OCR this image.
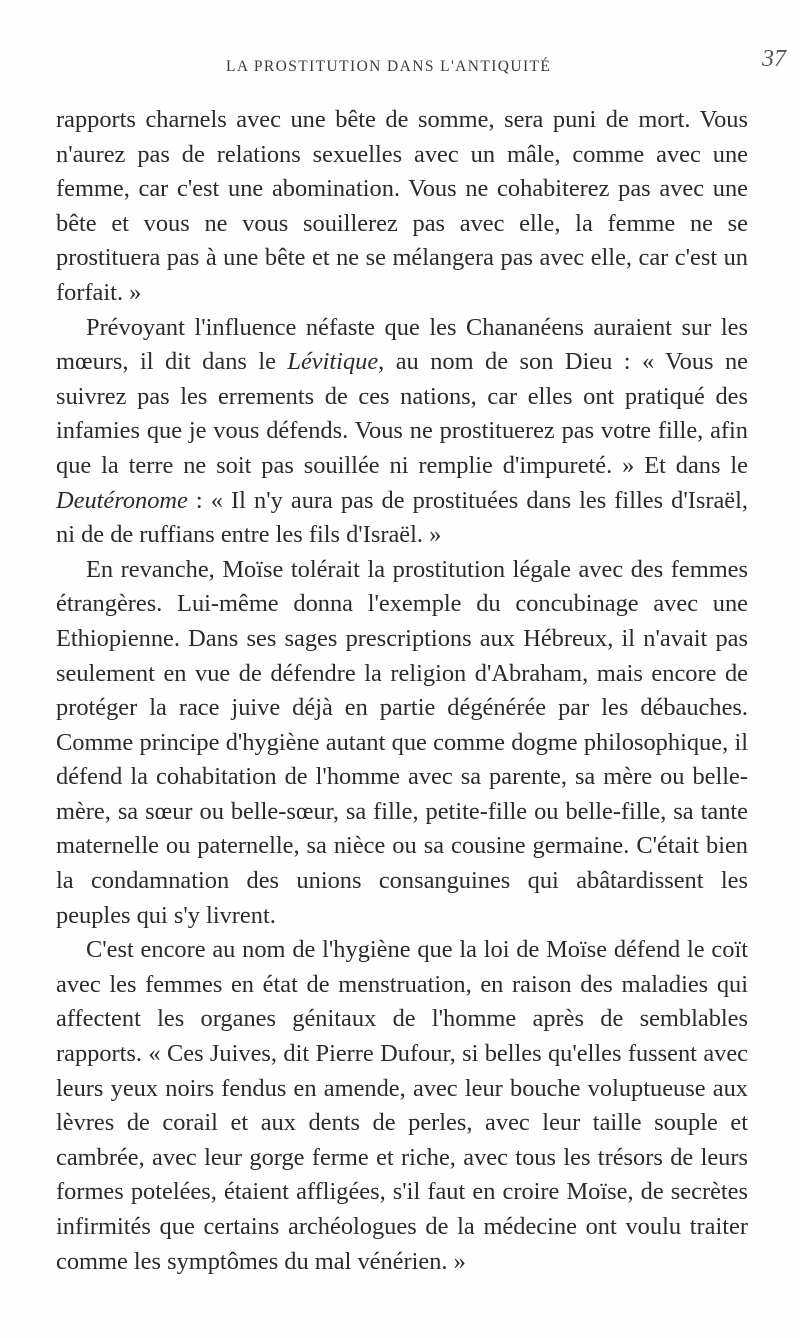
LA PROSTITUTION DANS L'ANTIQUITÉ	37

rapports charnels avec une bête de somme, sera puni de mort. Vous n'aurez pas de relations sexuelles avec un mâle, comme avec une femme, car c'est une abomination. Vous ne cohabiterez pas avec une bête et vous ne vous souillerez pas avec elle, la femme ne se prostituera pas à une bête et ne se mélangera pas avec elle, car c'est un forfait. »

Prévoyant l'influence néfaste que les Chananéens auraient sur les mœurs, il dit dans le Lévitique, au nom de son Dieu : « Vous ne suivrez pas les errements de ces nations, car elles ont pratiqué des infamies que je vous défends. Vous ne prostituerez pas votre fille, afin que la terre ne soit pas souillée ni remplie d'impureté. » Et dans le Deutéronome : « Il n'y aura pas de prostituées dans les filles d'Israël, ni de de ruffians entre les fils d'Israël. »

En revanche, Moïse tolérait la prostitution légale avec des femmes étrangères. Lui-même donna l'exemple du concubinage avec une Ethiopienne. Dans ses sages prescriptions aux Hébreux, il n'avait pas seulement en vue de défendre la religion d'Abraham, mais encore de protéger la race juive déjà en partie dégénérée par les débauches. Comme principe d'hygiène autant que comme dogme philosophique, il défend la cohabitation de l'homme avec sa parente, sa mère ou belle-mère, sa sœur ou belle-sœur, sa fille, petite-fille ou belle-fille, sa tante maternelle ou paternelle, sa nièce ou sa cousine germaine. C'était bien la condamnation des unions consanguines qui abâtardissent les peuples qui s'y livrent.

C'est encore au nom de l'hygiène que la loi de Moïse défend le coït avec les femmes en état de menstruation, en raison des maladies qui affectent les organes génitaux de l'homme après de semblables rapports. « Ces Juives, dit Pierre Dufour, si belles qu'elles fussent avec leurs yeux noirs fendus en amende, avec leur bouche voluptueuse aux lèvres de corail et aux dents de perles, avec leur taille souple et cambrée, avec leur gorge ferme et riche, avec tous les trésors de leurs formes potelées, étaient affligées, s'il faut en croire Moïse, de secrètes infirmités que certains archéologues de la médecine ont voulu traiter comme les symptômes du mal vénérien. »
